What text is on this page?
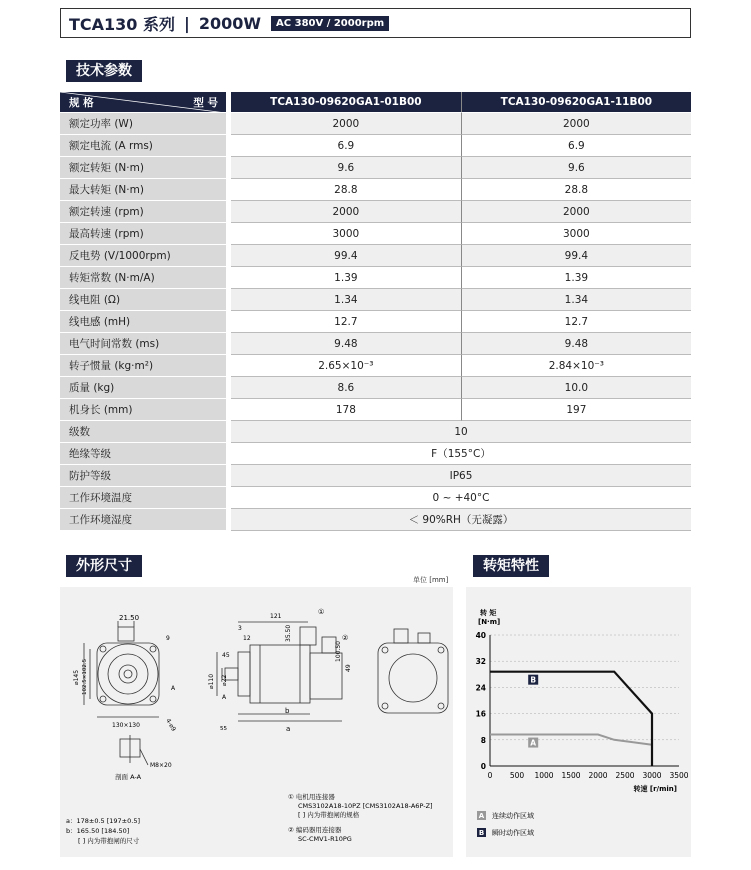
TCA130 系列 | 2000W	AC 380V / 2000rpm
技术参数
规 格 型 号		TCA130-09620GA1-01B00	TCA130-09620GA1-11B00
额定功率 (W)		2000	2000
额定电流 (A rms)		6.9	6.9
额定转矩 (N·m)		9.6	9.6
最大转矩 (N·m)		28.8	28.8
额定转速 (rpm)		2000	2000
最高转速 (rpm)		3000	3000
反电势 (V/1000rpm)		99.4	99.4
转矩常数 (N·m/A)		1.39	1.39
线电阻 (Ω)		1.34	1.34
线电感 (mH)		12.7	12.7
电气时间常数 (ms)		9.48	9.48
转子惯量 (kg·m²)		2.65×10⁻³	2.84×10⁻³
质量 (kg)		8.6	10.0
机身长 (mm)		178	197
级数		10	
绝缘等级		F（155°C）	
防护等级		IP65	
工作环境温度		0 ~ +40°C	
工作环境湿度		＜ 90%RH（无凝露）	
外形尺寸	转矩特性
单位 [mm]
21.50
9
⌀145 102.5×102.5
130×130	4-⌀9
A
M8×20
剖面 A-A
121
35.50
12
3
45	100.50
49
⌀110 ⌀22
55
b
a
A
①
②
a：178±0.5 [197±0.5]
b：165.50 [184.50]
[ ] 内为带抱闸的尺寸
① 电机用连接器
CMS3102A18-10PZ [CMS3102A18-A6P-Z]
[ ] 内为带抱闸的规格
② 编码器用连接器
SC-CMV1-R10PG
转 矩
[N·m]
0
8
16
24
32
40
0 500 1000 1500 2000 2500 3000 3500
转速 [r/min]
A
B
A 连续动作区域
B 瞬时动作区域
